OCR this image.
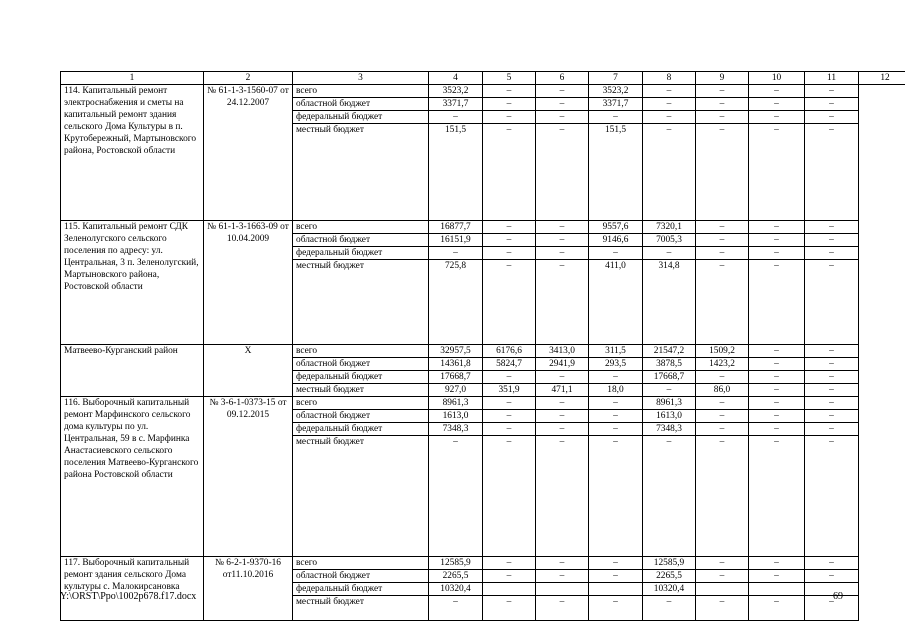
1	2	3	4	5	6	7	8	9	10	11	12
114. Капитальный ремонт электроснабжения и сметы на капитальный ремонт здания сельского Дома Культуры в п. Крутобережный, Мартыновского района, Ростовской области	№ 61-1-3-1560-07 от 24.12.2007	всего	3523,2	–	–	3523,2	–	–	–	–	
		областной бюджет	3371,7	–	–	3371,7	–	–	–	–	
		федеральный бюджет	–	–	–	–	–	–	–	–	
		местный бюджет	151,5	–	–	151,5	–	–	–	–	
115. Капитальный ремонт СДК Зеленолугского сельского поселения по адресу: ул. Центральная, 3 п. Зеленолугский, Мартыновского района, Ростовской области	№ 61-1-3-1663-09 от 10.04.2009	всего	16877,7	–	–	9557,6	7320,1	–	–	–	
		областной бюджет	16151,9	–	–	9146,6	7005,3	–	–	–	
		федеральный бюджет	–	–	–	–	–	–	–	–	
		местный бюджет	725,8	–	–	411,0	314,8	–	–	–	
Матвеево-Курганский район	Х	всего	32957,5	6176,6	3413,0	311,5	21547,2	1509,2	–	–	
		областной бюджет	14361,8	5824,7	2941,9	293,5	3878,5	1423,2	–	–	
		федеральный бюджет	17668,7	–	–	–	17668,7	–	–	–	
		местный бюджет	927,0	351,9	471,1	18,0	–	86,0	–	–	
116. Выборочный капитальный ремонт Марфинского сельского дома культуры по ул. Центральная, 59 в с. Марфинка Анастасиевского сельского поселения Матвеево-Курганского района Ростовской области	№ 3-6-1-0373-15 от 09.12.2015	всего	8961,3	–	–	–	8961,3	–	–	–	
		областной бюджет	1613,0	–	–	–	1613,0	–	–	–	
		федеральный бюджет	7348,3	–	–	–	7348,3	–	–	–	
		местный бюджет	–	–	–	–	–	–	–	–	
117. Выборочный капитальный ремонт здания сельского Дома культуры с. Малокирсановка	№ 6-2-1-9370-16 от11.10.2016	всего	12585,9	–	–	–	12585,9	–	–	–	
		областной бюджет	2265,5	–	–	–	2265,5	–	–	–	
		федеральный бюджет	10320,4				10320,4				
		местный бюджет	–	–	–	–	–	–	–	–	
Y:\ORST\Ppo\1002p678.f17.docx	69
